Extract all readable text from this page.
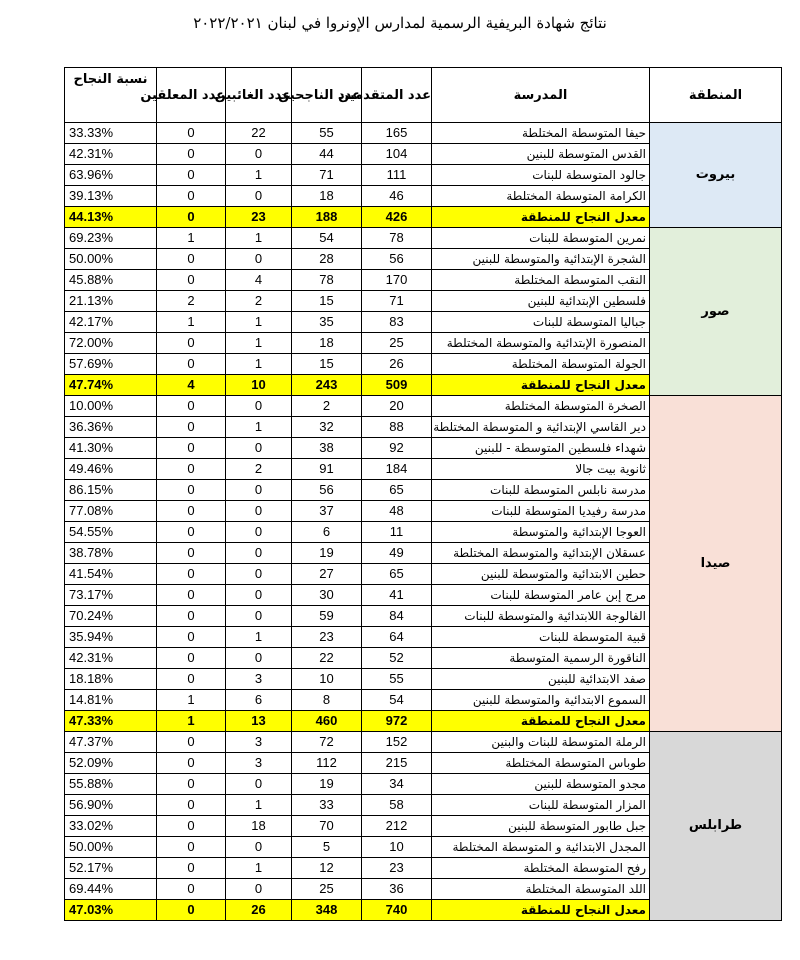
نتائج شهادة البريفية الرسمية لمدارس الإونروا في لبنان ٢٠٢٢/٢٠٢١
المنطقة	المدرسة	عدد المتقدمين	عدد الناجحين	عدد الغائبين	عدد المعلقين	نسبة النجاح
بيروت	حيفا المتوسطة المختلطة	165	55	22	0	33.33%
	القدس المتوسطة للبنين	104	44	0	0	42.31%
	جالود المتوسطة للبنات	111	71	1	0	63.96%
	الكرامة المتوسطة المختلطة	46	18	0	0	39.13%
	معدل النجاح للمنطقة	426	188	23	0	44.13%
صور	نمرين المتوسطة للبنات	78	54	1	1	69.23%
	الشجرة الإبتدائية والمتوسطة للبنين	56	28	0	0	50.00%
	النقب المتوسطة المختلطة	170	78	4	0	45.88%
	فلسطين الإبتدائية للبنين	71	15	2	2	21.13%
	جباليا المتوسطة للبنات	83	35	1	1	42.17%
	المنصورة الإبتدائية والمتوسطة المختلطة	25	18	1	0	72.00%
	الجولة المتوسطة المختلطة	26	15	1	0	57.69%
	معدل النجاح للمنطقة	509	243	10	4	47.74%
صيدا	الصخرة المتوسطة المختلطة	20	2	0	0	10.00%
	دير القاسي الإبتدائية و المتوسطة المختلطة	88	32	1	0	36.36%
	شهداء فلسطين المتوسطة - للبنين	92	38	0	0	41.30%
	ثانوية بيت جالا	184	91	2	0	49.46%
	مدرسة نابلس المتوسطة للبنات	65	56	0	0	86.15%
	مدرسة رفيديا المتوسطة للبنات	48	37	0	0	77.08%
	العوجا الإبتدائية والمتوسطة	11	6	0	0	54.55%
	عسقلان الإبتدائية والمتوسطة المختلطة	49	19	0	0	38.78%
	حطين الابتدائية والمتوسطة للبنين	65	27	0	0	41.54%
	مرج إبن عامر المتوسطة للبنات	41	30	0	0	73.17%
	الفالوجة اللابتدائية والمتوسطة للبنات	84	59	0	0	70.24%
	قبية المتوسطة للبنات	64	23	1	0	35.94%
	الناقورة الرسمية المتوسطة	52	22	0	0	42.31%
	صفد الابتدائية للبنين	55	10	3	0	18.18%
	السموع الابتدائية والمتوسطة للبنين	54	8	6	1	14.81%
	معدل النجاح للمنطقة	972	460	13	1	47.33%
طرابلس	الرملة المتوسطة للبنات والبنين	152	72	3	0	47.37%
	طوباس المتوسطة المختلطة	215	112	3	0	52.09%
	مجدو المتوسطة للبنين	34	19	0	0	55.88%
	المزار المتوسطة للبنات	58	33	1	0	56.90%
	جبل طابور المتوسطة للبنين	212	70	18	0	33.02%
	المجدل الابتدائية و المتوسطة المختلطة	10	5	0	0	50.00%
	رفح المتوسطة المختلطة	23	12	1	0	52.17%
	اللد المتوسطة المختلطة	36	25	0	0	69.44%
	معدل النجاح للمنطقة	740	348	26	0	47.03%
